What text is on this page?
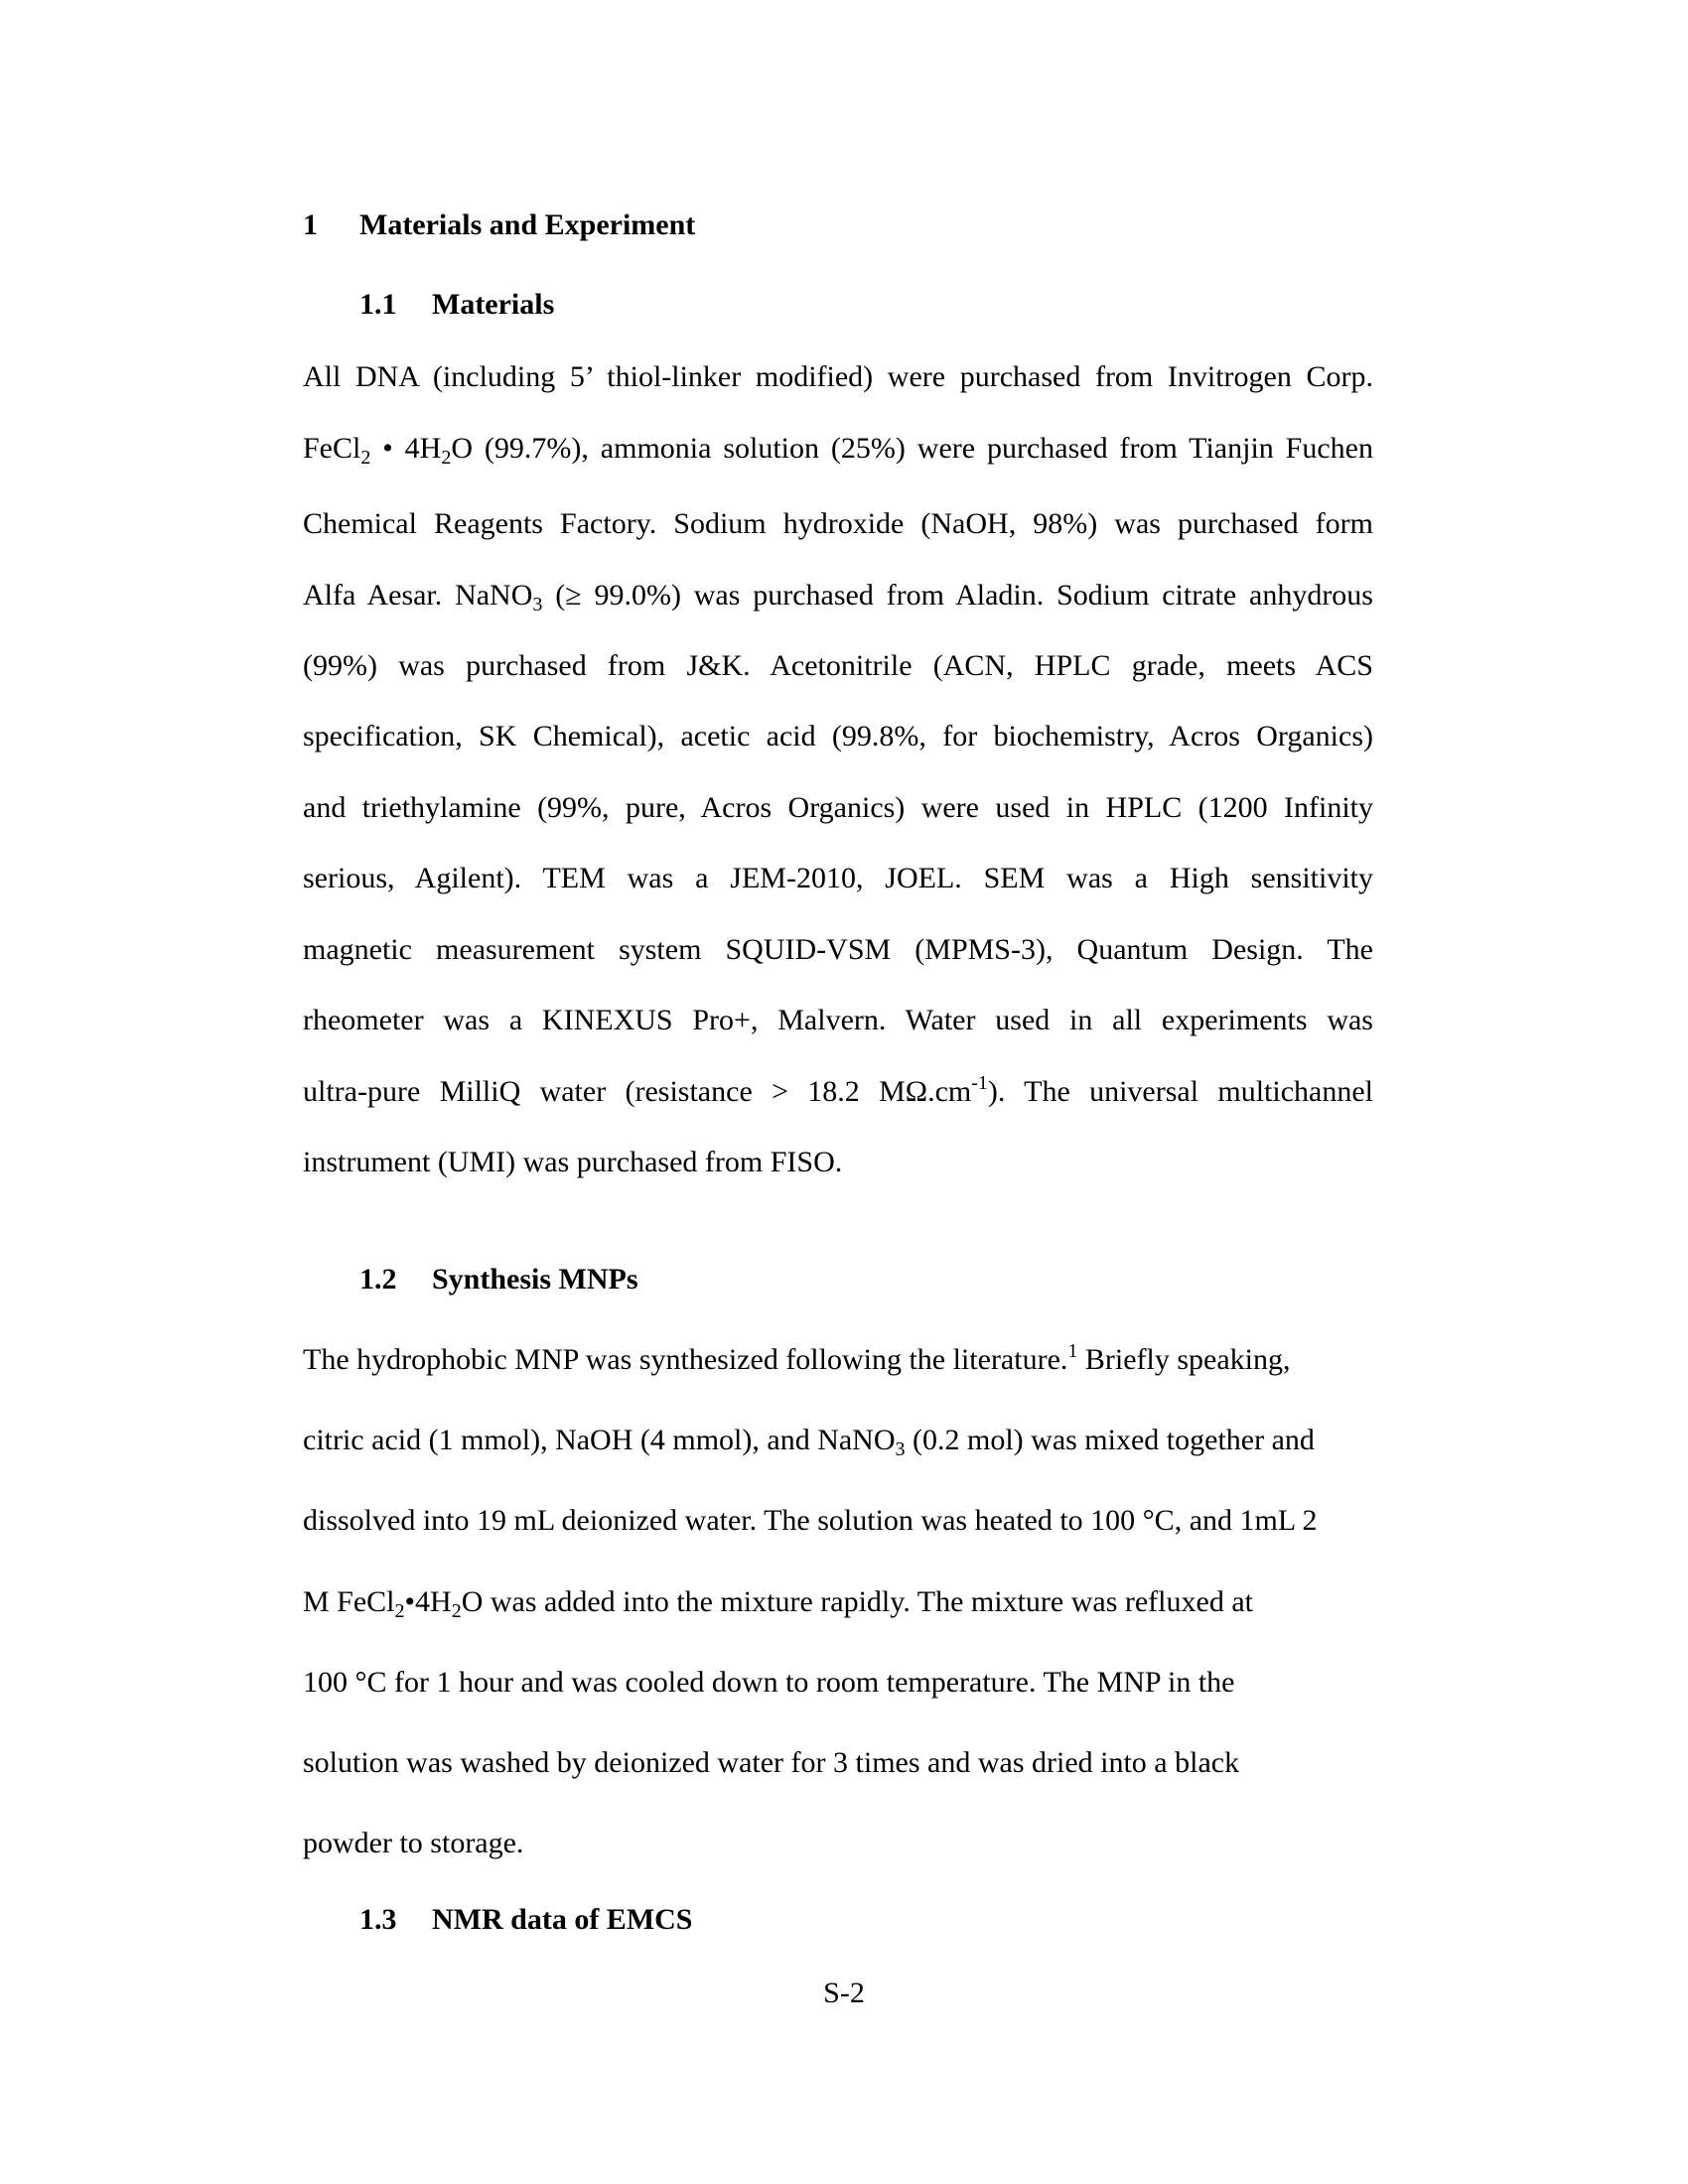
1 Materials and Experiment
1.1 Materials
All DNA (including 5’ thiol-linker modified) were purchased from Invitrogen Corp.
FeCl$_2$ • $4H_2O$ (99.7%), ammonia solution (25%) were purchased from Tianjin Fuchen
Chemical Reagents Factory. Sodium hydroxide (NaOH, 98%) was purchased form
Alfa Aesar. NaNO$_3$ (≥ 99.0%) was purchased from Aladin. Sodium citrate anhydrous
(99%) was purchased from J&K. Acetonitrile (ACN, HPLC grade, meets ACS
specification, SK Chemical), acetic acid (99.8%, for biochemistry, Acros Organics)
and triethylamine (99%, pure, Acros Organics) were used in HPLC (1200 Infinity
serious, Agilent). TEM was a JEM-2010, JOEL. SEM was a High sensitivity
magnetic measurement system SQUID-VSM (MPMS-3), Quantum Design. The
rheometer was a KINEXUS Pro+, Malvern. Water used in all experiments was
ultra-pure MilliQ water (resistance > 18.2 $M\Omega.cm^{-1}$). The universal multichannel
instrument (UMI) was purchased from FISO.
1.2 Synthesis MNPs
The hydrophobic MNP was synthesized following the literature.$^1$ Briefly speaking,
citric acid (1 mmol), NaOH (4 mmol), and NaNO$_3$ (0.2 mol) was mixed together and
dissolved into 19 mL deionized water. The solution was heated to 100 °C, and 1mL 2
M $FeCl_2•4H_2O$ was added into the mixture rapidly. The mixture was refluxed at
100 °C for 1 hour and was cooled down to room temperature. The MNP in the
solution was washed by deionized water for 3 times and was dried into a black
powder to storage.
1.3 NMR data of EMCS
S-2
